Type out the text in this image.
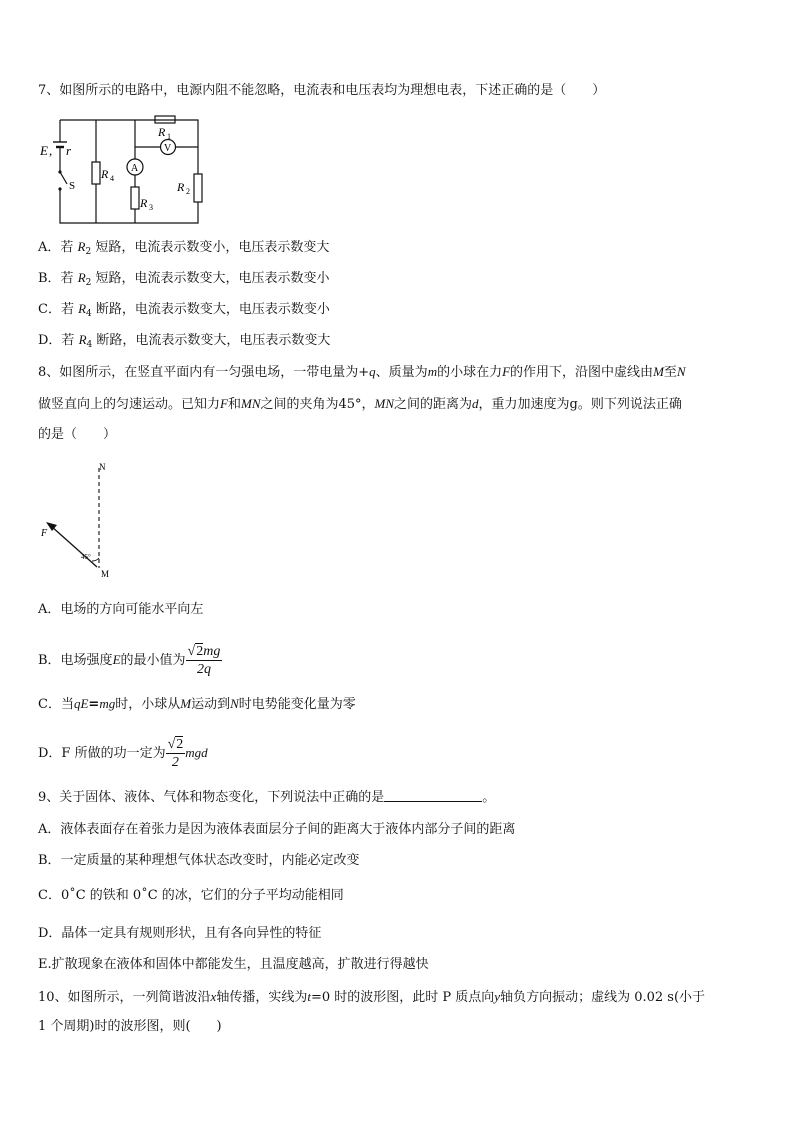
7、如图所示的电路中，电源内阻不能忽略，电流表和电压表均为理想电表，下述正确的是（　　）
E , r
S
R 1
R 2
R 3
R 4
A
V
A．若 $R_2$ 短路，电流表示数变小，电压表示数变大
B．若 $R_2$ 短路，电流表示数变大，电压表示数变小
C．若 $R_4$ 断路，电流表示数变大，电压表示数变小
D．若 $R_4$ 断路，电流表示数变大，电压表示数变大
8、如图所示，在竖直平面内有一匀强电场，一带电量为+q、质量为m的小球在力F的作用下，沿图中虚线由M至N
做竖直向上的匀速运动。已知力F和MN之间的夹角为45°，MN之间的距离为d，重力加速度为g。则下列说法正确
的是（　　）
N
F
M
45°
A．电场的方向可能水平向左
B．电场强度E的最小值为 $\frac{√2mg}{2q}$
C．当qE=mg时，小球从M运动到N时电势能变化量为零
D．F 所做的功一定为 $\frac{√2}{2}$ mgd
9、关于固体、液体、气体和物态变化，下列说法中正确的是	。
A．液体表面存在着张力是因为液体表面层分子间的距离大于液体内部分子间的距离
B．一定质量的某种理想气体状态改变时，内能必定改变
C．0˚C 的铁和 0˚C 的冰，它们的分子平均动能相同
D．晶体一定具有规则形状，且有各向异性的特征
E.扩散现象在液体和固体中都能发生，且温度越高，扩散进行得越快
10、如图所示，一列简谐波沿x轴传播，实线为t=0 时的波形图，此时 P 质点向y轴负方向振动；虚线为 0.02 s(小于
1 个周期)时的波形图，则(　　)
